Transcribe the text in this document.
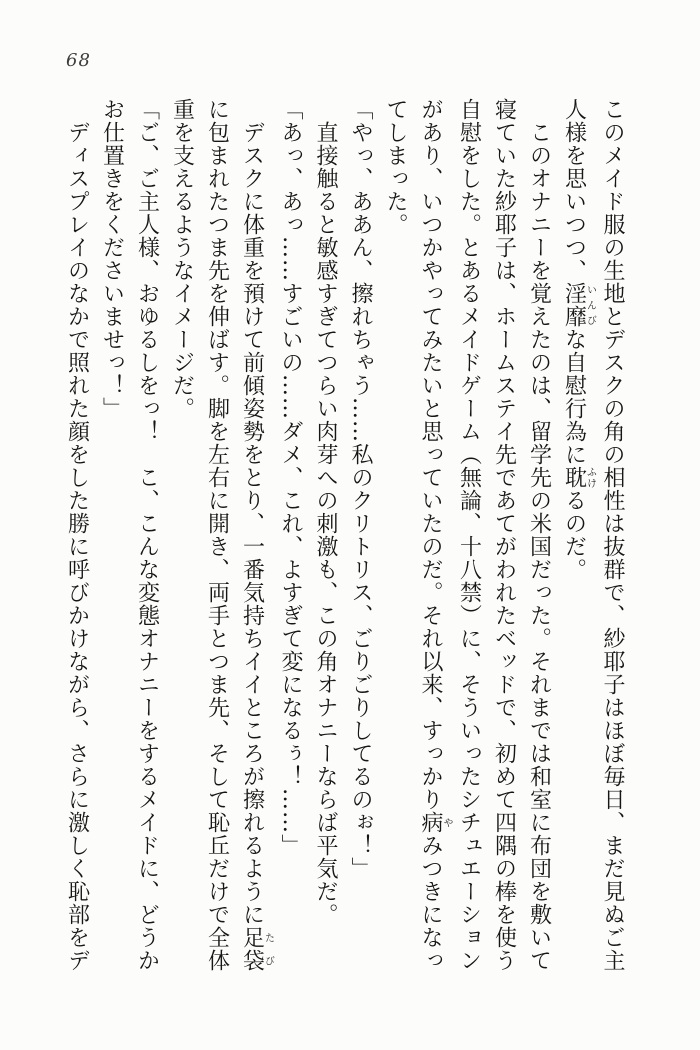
68

このメイド服の生地とデスクの角の相性は抜群で、紗耶子はほぼ毎日、まだ見ぬご主

人様を思いつつ、淫靡いんびな自慰行為に耽ふけるのだ。

　このオナニーを覚えたのは、留学先の米国だった。それまでは和室に布団を敷いて

寝ていた紗耶子は、ホームステイ先であてがわれたベッドで、初めて四隅の棒を使う

自慰をした。とあるメイドゲーム（無論、十八禁）に、そういったシチュエーション

があり、いつかやってみたいと思っていたのだ。それ以来、すっかり病やみつきになっ

てしまった。

「やっ、ああん、擦れちゃう……私のクリトリス、ごりごりしてるのぉ！」

　直接触ると敏感すぎてつらい肉芽への刺激も、この角オナニーならば平気だ。

「あっ、あっ……すごいの……ダメ、これ、よすぎて変になるぅ！……」

　デスクに体重を預けて前傾姿勢をとり、一番気持ちイイところが擦れるように足袋たび

に包まれたつま先を伸ばす。脚を左右に開き、両手とつま先、そして恥丘だけで全体

重を支えるようなイメージだ。

「ご、ご主人様、おゆるしをっ！　こ、こんな変態オナニーをするメイドに、どうか

お仕置きをくださいませっ！」

　ディスプレイのなかで照れた顔をした勝に呼びかけながら、さらに激しく恥部をデ
